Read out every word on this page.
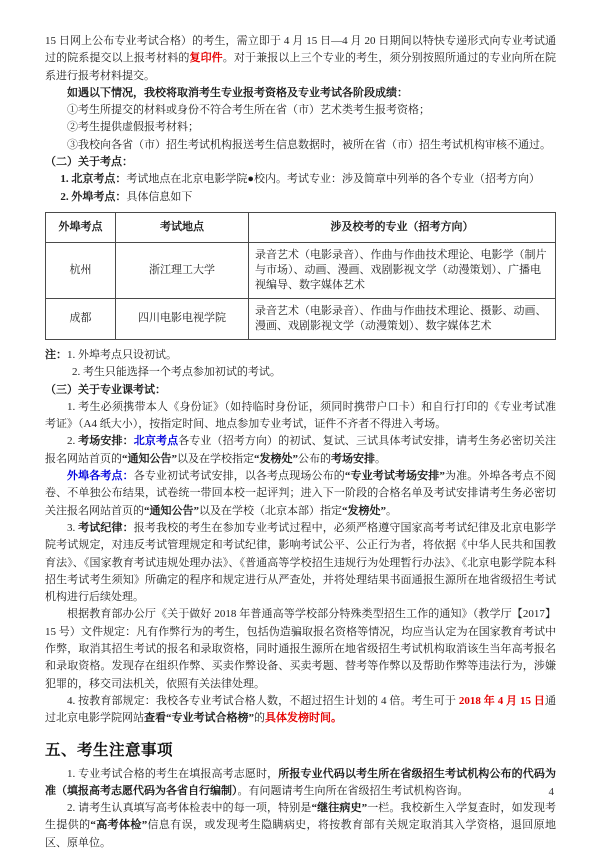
15 日网上公布专业考试合格）的考生，需立即于 4 月 15 日—4 月 20 日期间以特快专递形式向专业考试通过的院系提交以上报考材料的复印件。对于兼报以上三个专业的考生，须分别按照所通过的专业向所在院系进行报考材料提交。

如遇以下情况，我校将取消考生专业报考资格及专业考试各阶段成绩：

①考生所提交的材料或身份不符合考生所在省（市）艺术类考生报考资格；

②考生提供虚假报考材料；

③我校向各省（市）招生考试机构报送考生信息数据时，被所在省（市）招生考试机构审核不通过。

（二）关于考点：

1. 北京考点：考试地点在北京电影学院●校内。考试专业：涉及简章中列举的各个专业（招考方向）

2. 外埠考点：具体信息如下

外埠考点	考试地点	涉及校考的专业（招考方向）
杭州	浙江理工大学	录音艺术（电影录音）、作曲与作曲技术理论、电影学（制片与市场）、动画、漫画、戏剧影视文学（动漫策划）、广播电视编导、数字媒体艺术
成都	四川电影电视学院	录音艺术（电影录音）、作曲与作曲技术理论、摄影、动画、漫画、戏剧影视文学（动漫策划）、数字媒体艺术

注：1. 外埠考点只设初试。

2. 考生只能选择一个考点参加初试的考试。

（三）关于专业课考试：

1. 考生必须携带本人《身份证》（如持临时身份证，须同时携带户口卡）和自行打印的《专业考试准考证》（A4 纸大小），按指定时间、地点参加专业考试，证件不齐者不得进入考场。

2. 考场安排：北京考点各专业（招考方向）的初试、复试、三试具体考试安排，请考生务必密切关注报名网站首页的“通知公告”以及在学校指定“发榜处”公布的考场安排。

外埠各考点：各专业初试考试安排，以各考点现场公布的“专业考试考场安排”为准。外埠各考点不阅卷、不单独公布结果，试卷统一带回本校一起评判；进入下一阶段的合格名单及考试安排请考生务必密切关注报名网站首页的“通知公告”以及在学校（北京本部）指定“发榜处”。

3. 考试纪律：报考我校的考生在参加专业考试过程中，必须严格遵守国家高考考试纪律及北京电影学院考试规定，对违反考试管理规定和考试纪律，影响考试公平、公正行为者，将依据《中华人民共和国教育法》、《国家教育考试违规处理办法》、《普通高等学校招生违规行为处理暂行办法》、《北京电影学院本科招生考试考生须知》所确定的程序和规定进行从严查处，并将处理结果书面通报生源所在地省级招生考试机构进行后续处理。

根据教育部办公厅《关于做好 2018 年普通高等学校部分特殊类型招生工作的通知》（教学厅【2017】15 号）文件规定：凡有作弊行为的考生，包括伪造骗取报名资格等情况，均应当认定为在国家教育考试中作弊，取消其招生考试的报名和录取资格，同时通报生源所在地省级招生考试机构取消该生当年高考报名和录取资格。发现存在组织作弊、买卖作弊设备、买卖考题、替考等作弊以及帮助作弊等违法行为，涉嫌犯罪的，移交司法机关，依照有关法律处理。

4. 按教育部规定：我校各专业考试合格人数，不超过招生计划的 4 倍。考生可于 2018 年 4 月 15 日通过北京电影学院网站查看“专业考试合格榜”的具体发榜时间。

五、考生注意事项

1. 专业考试合格的考生在填报高考志愿时，所报专业代码以考生所在省级招生考试机构公布的代码为准（填报高考志愿代码为各省自行编制）。有问题请考生向所在省级招生考试机构咨询。

2. 请考生认真填写高考体检表中的每一项，特别是“继往病史”一栏。我校新生入学复查时，如发现考生提供的“高考体检”信息有误，或发现考生隐瞒病史，将按教育部有关规定取消其入学资格，退回原地区、原单位。

4
